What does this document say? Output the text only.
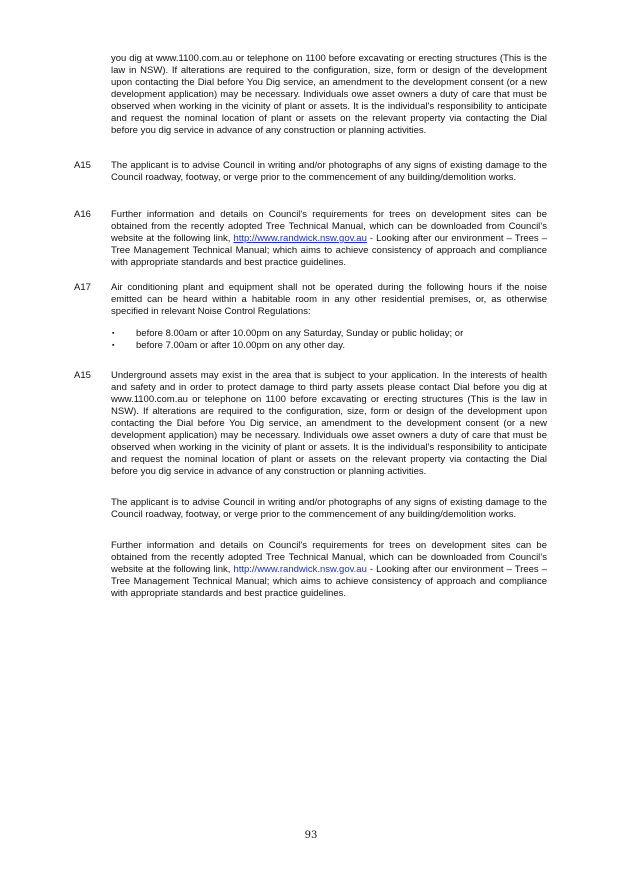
you dig at www.1100.com.au or telephone on 1100 before excavating or erecting structures (This is the law in NSW). If alterations are required to the configuration, size, form or design of the development upon contacting the Dial before You Dig service, an amendment to the development consent (or a new development application) may be necessary. Individuals owe asset owners a duty of care that must be observed when working in the vicinity of plant or assets. It is the individual's responsibility to anticipate and request the nominal location of plant or assets on the relevant property via contacting the Dial before you dig service in advance of any construction or planning activities.

A15 The applicant is to advise Council in writing and/or photographs of any signs of existing damage to the Council roadway, footway, or verge prior to the commencement of any building/demolition works.

A16 Further information and details on Council's requirements for trees on development sites can be obtained from the recently adopted Tree Technical Manual, which can be downloaded from Council’s website at the following link, http://www.randwick.nsw.gov.au - Looking after our environment – Trees – Tree Management Technical Manual; which aims to achieve consistency of approach and compliance with appropriate standards and best practice guidelines.

A17 Air conditioning plant and equipment shall not be operated during the following hours if the noise emitted can be heard within a habitable room in any other residential premises, or, as otherwise specified in relevant Noise Control Regulations:

▪ before 8.00am or after 10.00pm on any Saturday, Sunday or public holiday; or
▪ before 7.00am or after 10.00pm on any other day.

A15 Underground assets may exist in the area that is subject to your application. In the interests of health and safety and in order to protect damage to third party assets please contact Dial before you dig at www.1100.com.au or telephone on 1100 before excavating or erecting structures (This is the law in NSW). If alterations are required to the configuration, size, form or design of the development upon contacting the Dial before You Dig service, an amendment to the development consent (or a new development application) may be necessary. Individuals owe asset owners a duty of care that must be observed when working in the vicinity of plant or assets. It is the individual's responsibility to anticipate and request the nominal location of plant or assets on the relevant property via contacting the Dial before you dig service in advance of any construction or planning activities.

The applicant is to advise Council in writing and/or photographs of any signs of existing damage to the Council roadway, footway, or verge prior to the commencement of any building/demolition works.

Further information and details on Council's requirements for trees on development sites can be obtained from the recently adopted Tree Technical Manual, which can be downloaded from Council’s website at the following link, http://www.randwick.nsw.gov.au - Looking after our environment – Trees – Tree Management Technical Manual; which aims to achieve consistency of approach and compliance with appropriate standards and best practice guidelines.

93
